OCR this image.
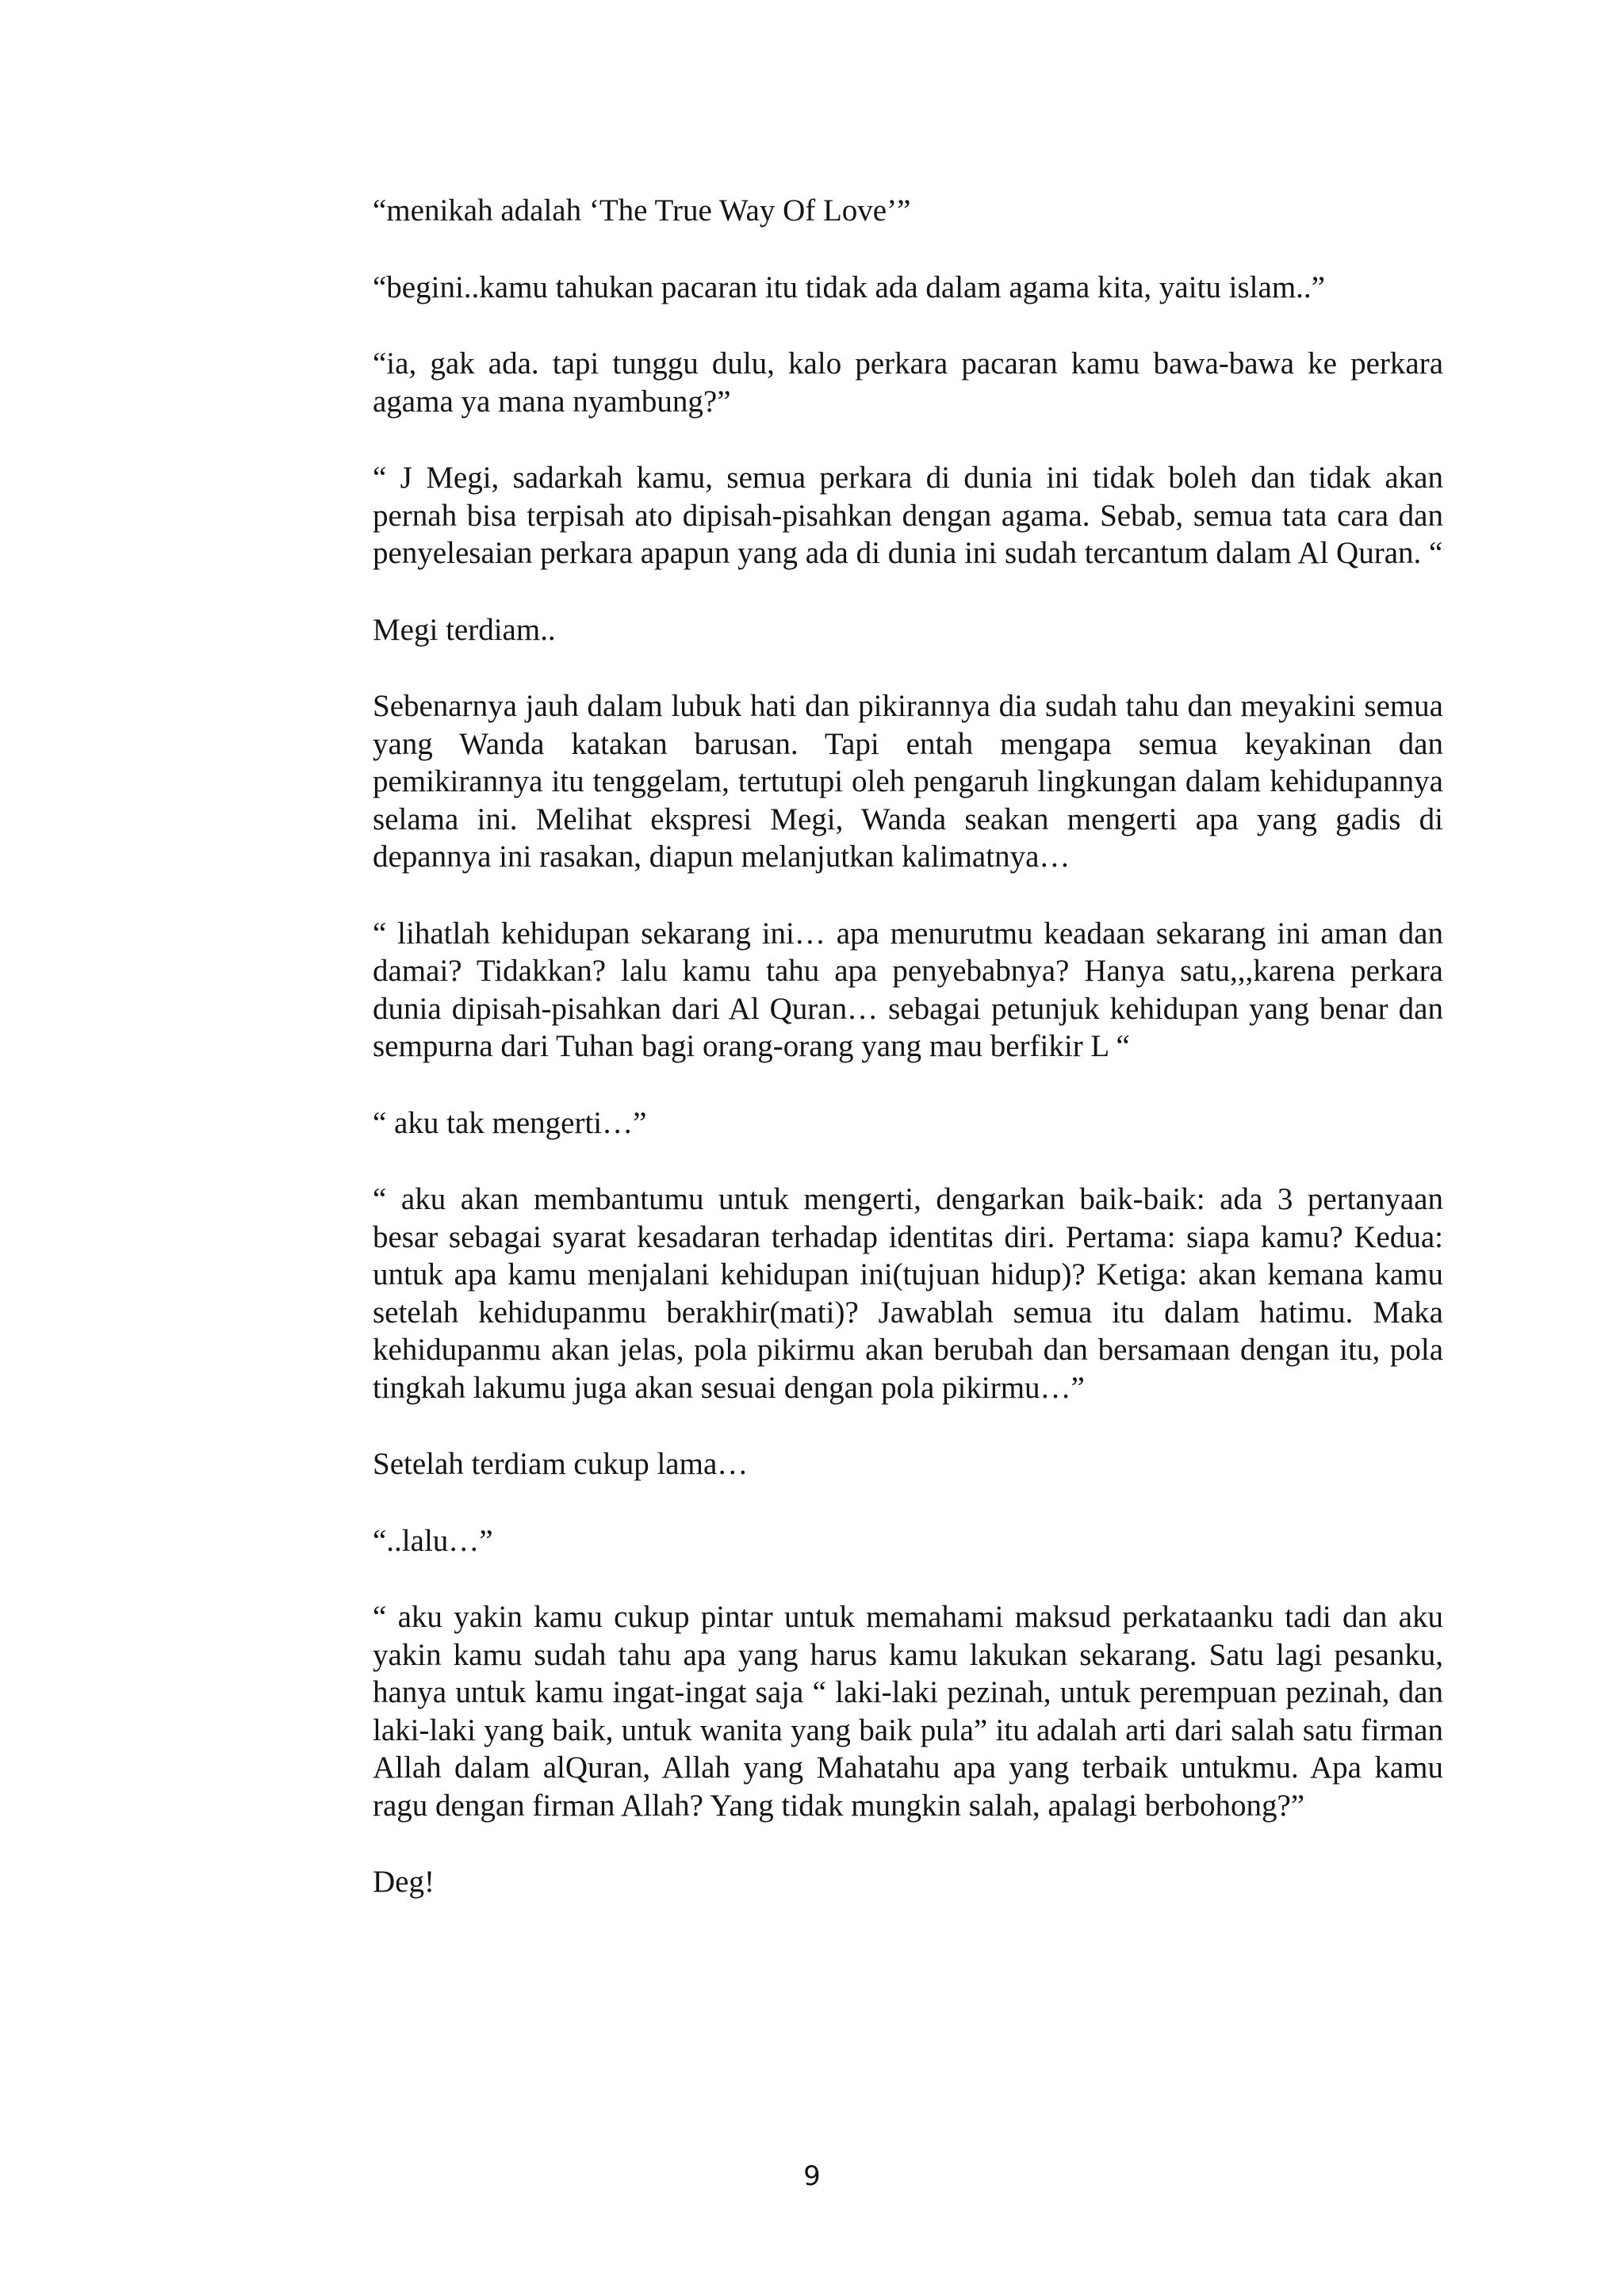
“menikah adalah ‘The True Way Of Love’”

“begini..kamu tahukan pacaran itu tidak ada dalam agama kita, yaitu islam..”

“ia, gak ada. tapi tunggu dulu, kalo perkara pacaran kamu bawa-bawa ke perkara agama ya mana nyambung?”

“ J Megi, sadarkah kamu, semua perkara di dunia ini tidak boleh dan tidak akan pernah bisa terpisah ato dipisah-pisahkan dengan agama. Sebab, semua tata cara dan penyelesaian perkara apapun yang ada di dunia ini sudah tercantum dalam Al Quran. “

Megi terdiam..

Sebenarnya jauh dalam lubuk hati dan pikirannya dia sudah tahu dan meyakini semua yang Wanda katakan barusan. Tapi entah mengapa semua keyakinan dan pemikirannya itu tenggelam, tertutupi oleh pengaruh lingkungan dalam kehidupannya selama ini. Melihat ekspresi Megi, Wanda seakan mengerti apa yang gadis di depannya ini rasakan, diapun melanjutkan kalimatnya…

“ lihatlah kehidupan sekarang ini… apa menurutmu keadaan sekarang ini aman dan damai? Tidakkan? lalu kamu tahu apa penyebabnya? Hanya satu,,,karena perkara dunia dipisah-pisahkan dari Al Quran… sebagai petunjuk kehidupan yang benar dan sempurna dari Tuhan bagi orang-orang yang mau berfikir L “

“ aku tak mengerti…”

“ aku akan membantumu untuk mengerti, dengarkan baik-baik: ada 3 pertanyaan besar sebagai syarat kesadaran terhadap identitas diri. Pertama: siapa kamu? Kedua: untuk apa kamu menjalani kehidupan ini(tujuan hidup)? Ketiga: akan kemana kamu setelah kehidupanmu berakhir(mati)? Jawablah semua itu dalam hatimu. Maka kehidupanmu akan jelas, pola pikirmu akan berubah dan bersamaan dengan itu, pola tingkah lakumu juga akan sesuai dengan pola pikirmu…”

Setelah terdiam cukup lama…

“..lalu…”

“ aku yakin kamu cukup pintar untuk memahami maksud perkataanku tadi dan aku yakin kamu sudah tahu apa yang harus kamu lakukan sekarang. Satu lagi pesanku, hanya untuk kamu ingat-ingat saja “ laki-laki pezinah, untuk perempuan pezinah, dan laki-laki yang baik, untuk wanita yang baik pula” itu adalah arti dari salah satu firman Allah dalam alQuran, Allah yang Mahatahu apa yang terbaik untukmu. Apa kamu ragu dengan firman Allah? Yang tidak mungkin salah, apalagi berbohong?”

Deg!

9
